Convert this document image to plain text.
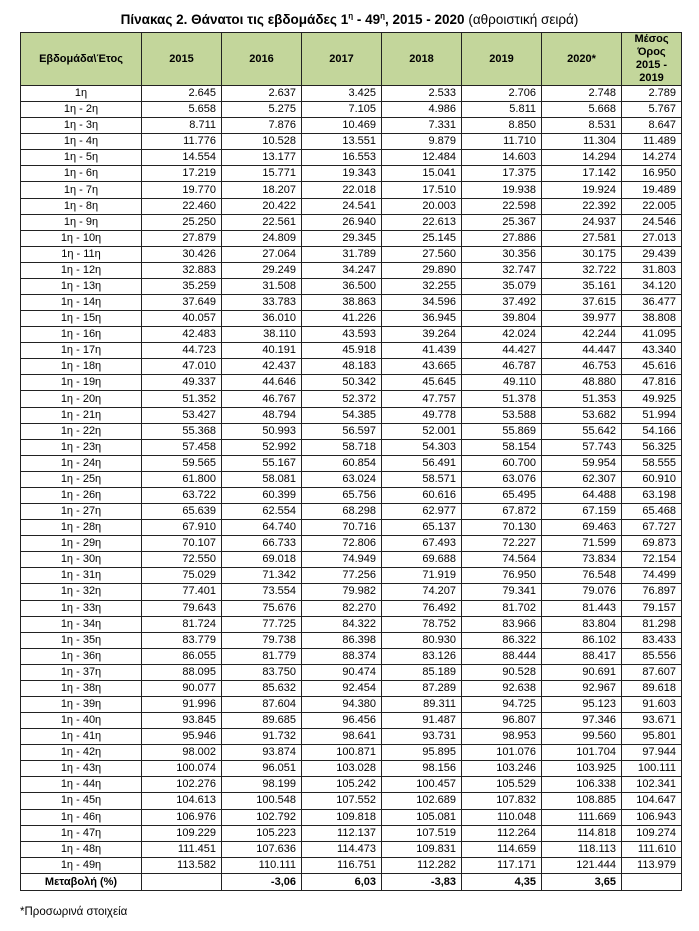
Πίνακας 2. Θάνατοι τις εβδομάδες $1^\eta - 49^\eta$, 2015 - 2020 (αθροιστική σειρά)
Εβδομάδα\Έτος	2015	2016	2017	2018	2019	2020*	Μέσος
Όρος
2015 - 2019

1η	2.645	2.637	3.425	2.533	2.706	2.748	2.789
1η - 2η	5.658	5.275	7.105	4.986	5.811	5.668	5.767
1η - 3η	8.711	7.876	10.469	7.331	8.850	8.531	8.647
1η - 4η	11.776	10.528	13.551	9.879	11.710	11.304	11.489
1η - 5η	14.554	13.177	16.553	12.484	14.603	14.294	14.274
1η - 6η	17.219	15.771	19.343	15.041	17.375	17.142	16.950
1η - 7η	19.770	18.207	22.018	17.510	19.938	19.924	19.489
1η - 8η	22.460	20.422	24.541	20.003	22.598	22.392	22.005
1η - 9η	25.250	22.561	26.940	22.613	25.367	24.937	24.546
1η - 10η	27.879	24.809	29.345	25.145	27.886	27.581	27.013
1η - 11η	30.426	27.064	31.789	27.560	30.356	30.175	29.439
1η - 12η	32.883	29.249	34.247	29.890	32.747	32.722	31.803
1η - 13η	35.259	31.508	36.500	32.255	35.079	35.161	34.120
1η - 14η	37.649	33.783	38.863	34.596	37.492	37.615	36.477
1η - 15η	40.057	36.010	41.226	36.945	39.804	39.977	38.808
1η - 16η	42.483	38.110	43.593	39.264	42.024	42.244	41.095
1η - 17η	44.723	40.191	45.918	41.439	44.427	44.447	43.340
1η - 18η	47.010	42.437	48.183	43.665	46.787	46.753	45.616
1η - 19η	49.337	44.646	50.342	45.645	49.110	48.880	47.816
1η - 20η	51.352	46.767	52.372	47.757	51.378	51.353	49.925
1η - 21η	53.427	48.794	54.385	49.778	53.588	53.682	51.994
1η - 22η	55.368	50.993	56.597	52.001	55.869	55.642	54.166
1η - 23η	57.458	52.992	58.718	54.303	58.154	57.743	56.325
1η - 24η	59.565	55.167	60.854	56.491	60.700	59.954	58.555
1η - 25η	61.800	58.081	63.024	58.571	63.076	62.307	60.910
1η - 26η	63.722	60.399	65.756	60.616	65.495	64.488	63.198
1η - 27η	65.639	62.554	68.298	62.977	67.872	67.159	65.468
1η - 28η	67.910	64.740	70.716	65.137	70.130	69.463	67.727
1η - 29η	70.107	66.733	72.806	67.493	72.227	71.599	69.873
1η - 30η	72.550	69.018	74.949	69.688	74.564	73.834	72.154
1η - 31η	75.029	71.342	77.256	71.919	76.950	76.548	74.499
1η - 32η	77.401	73.554	79.982	74.207	79.341	79.076	76.897
1η - 33η	79.643	75.676	82.270	76.492	81.702	81.443	79.157
1η - 34η	81.724	77.725	84.322	78.752	83.966	83.804	81.298
1η - 35η	83.779	79.738	86.398	80.930	86.322	86.102	83.433
1η - 36η	86.055	81.779	88.374	83.126	88.444	88.417	85.556
1η - 37η	88.095	83.750	90.474	85.189	90.528	90.691	87.607
1η - 38η	90.077	85.632	92.454	87.289	92.638	92.967	89.618
1η - 39η	91.996	87.604	94.380	89.311	94.725	95.123	91.603
1η - 40η	93.845	89.685	96.456	91.487	96.807	97.346	93.671
1η - 41η	95.946	91.732	98.641	93.731	98.953	99.560	95.801
1η - 42η	98.002	93.874	100.871	95.895	101.076	101.704	97.944
1η - 43η	100.074	96.051	103.028	98.156	103.246	103.925	100.111
1η - 44η	102.276	98.199	105.242	100.457	105.529	106.338	102.341
1η - 45η	104.613	100.548	107.552	102.689	107.832	108.885	104.647
1η - 46η	106.976	102.792	109.818	105.081	110.048	111.669	106.943
1η - 47η	109.229	105.223	112.137	107.519	112.264	114.818	109.274
1η - 48η	111.451	107.636	114.473	109.831	114.659	118.113	111.610
1η - 49η	113.582	110.111	116.751	112.282	117.171	121.444	113.979
Μεταβολή (%)		-3,06	6,03	-3,83	4,35	3,65	
*Προσωρινά στοιχεία
